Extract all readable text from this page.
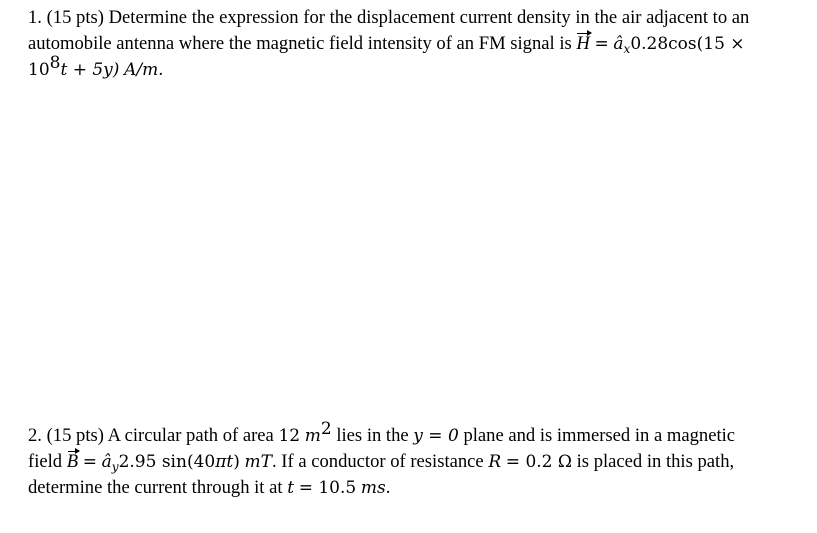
1. (15 pts) Determine the expression for the displacement current density in the air adjacent to an
automobile antenna where the magnetic field intensity of an FM signal is $H = â_x0.28\cos(15$ ×
$10^8t + 5y$) A/m.
2. (15 pts) A circular path of area 12 $m^2$ lies in the y = 0 plane and is immersed in a magnetic
field $B = â_y2.95$ sin(40πt) mT. If a conductor of resistance R = 0.2 Ω is placed in this path,
determine the current through it at t = 10.5 ms.
